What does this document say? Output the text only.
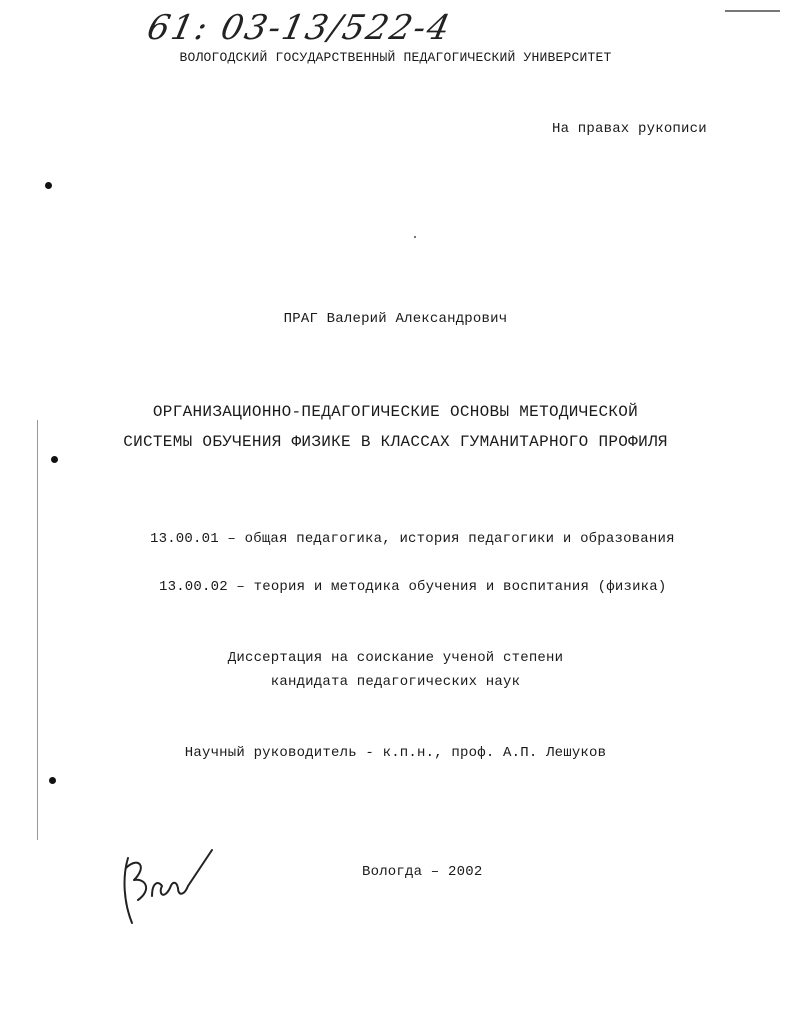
61: 03-13/522-4
ВОЛОГОДСКИЙ ГОСУДАРСТВЕННЫЙ ПЕДАГОГИЧЕСКИЙ УНИВЕРСИТЕТ
На правах рукописи
ПРАГ Валерий Александрович
ОРГАНИЗАЦИОННО-ПЕДАГОГИЧЕСКИЕ ОСНОВЫ МЕТОДИЧЕСКОЙ
СИСТЕМЫ ОБУЧЕНИЯ ФИЗИКЕ В КЛАССАХ ГУМАНИТАРНОГО ПРОФИЛЯ
13.00.01 – общая педагогика, история педагогики и образования
13.00.02 – теория и методика обучения и воспитания (физика)
Диссертация на соискание ученой степени
кандидата педагогических наук
Научный руководитель - к.п.н., проф. А.П. Лешуков
Вологда – 2002
